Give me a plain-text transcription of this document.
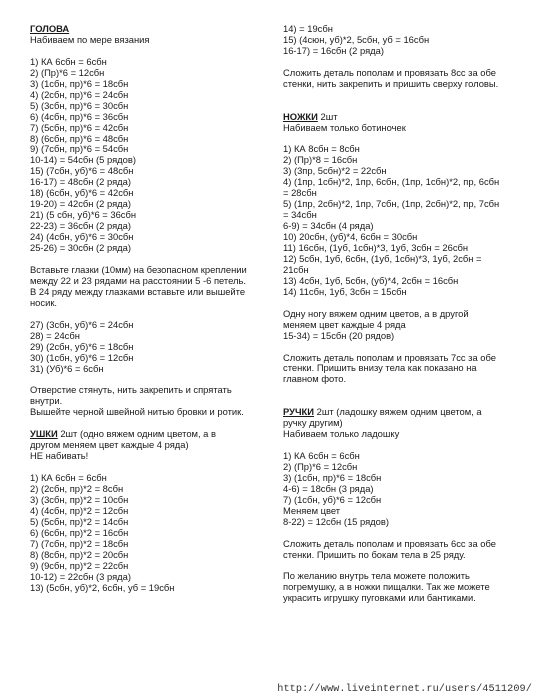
ГОЛОВА
Набиваем по мере вязания
1) КА 6сбн = 6сбн
2) (Пр)*6 = 12сбн
3) (1сбн, пр)*6 = 18сбн
4) (2сбн, пр)*6 = 24сбн
5) (3сбн, пр)*6 = 30сбн
6) (4сбн, пр)*6 = 36сбн
7) (5сбн, пр)*6 = 42сбн
8) (6сбн, пр)*6 = 48сбн
9) (7сбн, пр)*6 = 54сбн
10-14) = 54сбн (5 рядов)
15) (7сбн, уб)*6 = 48сбн
16-17) = 48сбн (2 ряда)
18) (6сбн, уб)*6 = 42сбн
19-20) = 42сбн (2 ряда)
21) (5 сбн, уб)*6 = 36сбн
22-23) = 36сбн (2 ряда)
24) (4сбн, уб)*6 = 30сбн
25-26) = 30сбн (2 ряда)
Вставьте глазки (10мм) на безопасном креплении
между 22 и 23 рядами на расстоянии 5 -6 петель.
В 24 ряду между глазками вставьте или вышейте
носик.
27) (3сбн, уб)*6 = 24сбн
28) = 24сбн
29) (2сбн, уб)*6 = 18сбн
30) (1сбн, уб)*6 = 12сбн
31) (Уб)*6 = 6сбн
Отверстие стянуть, нить закрепить и спрятать
внутри.
Вышейте черной швейной нитью бровки и ротик.
УШКИ 2шт (одно вяжем одним цветом, а в
другом меняем цвет каждые 4 ряда)
НЕ набивать!
1) КА 6сбн = 6сбн
2) (2сбн, пр)*2 = 8сбн
3) (3сбн, пр)*2 = 10сбн
4) (4сбн, пр)*2 = 12сбн
5) (5сбн, пр)*2 = 14сбн
6) (6сбн, пр)*2 = 16сбн
7) (7сбн, пр)*2 = 18сбн
8) (8сбн, пр)*2 = 20сбн
9) (9сбн, пр)*2 = 22сбн
10-12) = 22сбн (3 ряда)
13) (5сбн, уб)*2, 6сбн, уб = 19сбн
14) = 19сбн
15) (4сюн, уб)*2, 5сбн, уб = 16сбн
16-17) = 16сбн (2 ряда)
Сложить деталь пополам и провязать 8сс за обе
стенки, нить закрепить и пришить сверху головы.
НОЖКИ 2шт
Набиваем только ботиночек
1) КА 8сбн = 8сбн
2) (Пр)*8 = 16сбн
3) (3пр, 5сбн)*2 = 22сбн
4) (1пр, 1сбн)*2, 1пр, 6сбн, (1пр, 1сбн)*2, пр, 6сбн
= 28сбн
5) (1пр, 2сбн)*2, 1пр, 7сбн, (1пр, 2сбн)*2, пр, 7сбн
= 34сбн
6-9) = 34сбн (4 ряда)
10) 20сбн, (уб)*4, 6сбн = 30сбн
11) 16сбн, (1уб, 1сбн)*3, 1уб, 3сбн = 26сбн
12) 5сбн, 1уб, 6сбн, (1уб, 1сбн)*3, 1уб, 2сбн =
21сбн
13) 4сбн, 1уб, 5сбн, (уб)*4, 2сбн = 16сбн
14) 11сбн, 1уб, 3сбн = 15сбн
Одну ногу вяжем одним цветов, а в другой
меняем цвет каждые 4 ряда
15-34) = 15сбн (20 рядов)
Сложить деталь пополам и провязать 7сс за обе
стенки. Пришить внизу тела как показано на
главном фото.
РУЧКИ 2шт (ладошку вяжем одним цветом, а
ручку другим)
Набиваем только ладошку
1) КА 6сбн = 6сбн
2) (Пр)*6 = 12сбн
3) (1сбн, пр)*6 = 18сбн
4-6) = 18сбн (3 ряда)
7) (1сбн, уб)*6 = 12сбн
Меняем цвет
8-22) = 12сбн (15 рядов)
Сложить деталь пополам и провязать 6сс за обе
стенки. Пришить по бокам тела в 25 ряду.
По желанию внутрь тела можете положить
погремушку, а в ножки пищалки. Так же можете
украсить игрушку пуговками или бантиками.
http://www.liveinternet.ru/users/4511209/
